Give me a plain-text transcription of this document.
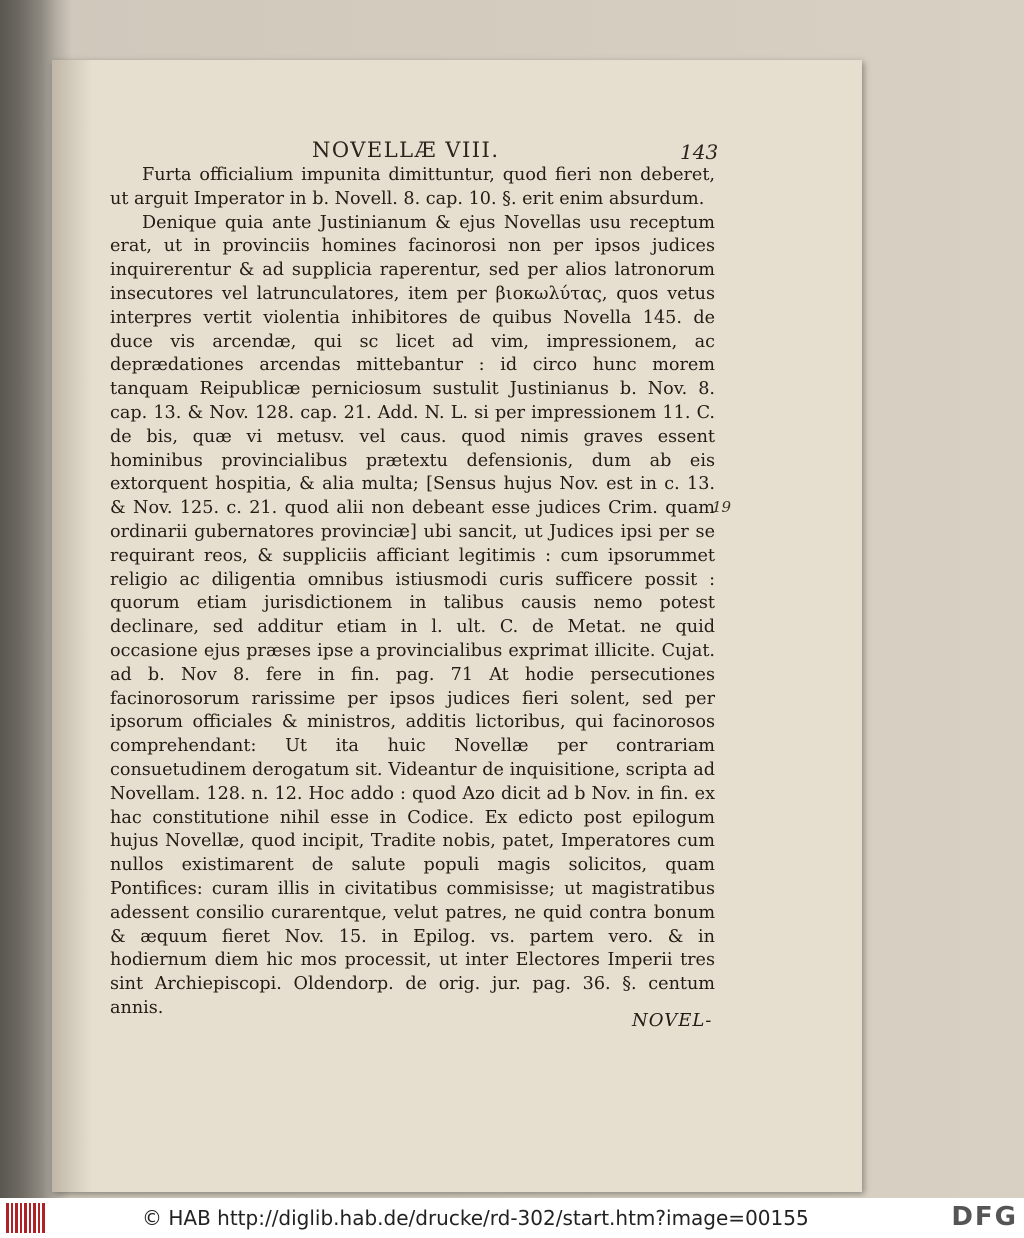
NOVELLÆ VIII.	143

Furta officialium impunita dimittuntur, quod fieri non deberet, ut arguit Imperator in b. Novell. 8. cap. 10. §. erit enim absurdum.

Denique quia ante Justinianum & ejus Novellas usu receptum erat, ut in provinciis homines facinorosi non per ipsos judices inquirerentur & ad supplicia raperentur, sed per alios latronorum insecutores vel latrunculatores, item per βιοκωλύτας, quos vetus interpres vertit violentia inhibitores de quibus Novella 145. de duce vis arcendæ, qui sc licet ad vim, impressionem, ac deprædationes arcendas mittebantur : id circo hunc morem tanquam Reipublicæ perniciosum sustulit Justinianus b. Nov. 8. cap. 13. & Nov. 128. cap. 21. Add. N. L. si per impressionem 11. C. de bis, quæ vi metusv. vel caus. quod nimis graves essent hominibus provincialibus prætextu defensionis, dum ab eis extorquent hospitia, & alia multa; [Sensus hujus Nov. est in c. 13. & Nov. 125. c. 21. quod alii non debeant esse judices Crim. quam ordinarii gubernatores provinciæ] ubi sancit, ut Judices ipsi per se requirant reos, & suppliciis afficiant legitimis : cum ipsorummet religio ac diligentia omnibus istiusmodi curis sufficere possit : quorum etiam jurisdictionem in talibus causis nemo potest declinare, sed additur etiam in l. ult. C. de Metat. ne quid occasione ejus præses ipse a provincialibus exprimat illicite. Cujat. ad b. Nov 8. fere in fin. pag. 71 At hodie persecutiones facinorosorum rarissime per ipsos judices fieri solent, sed per ipsorum officiales & ministros, additis lictoribus, qui facinorosos comprehendant: Ut ita huic Novellæ per contrariam consuetudinem derogatum sit. Videantur de inquisitione, scripta ad Novellam. 128. n. 12. Hoc addo : quod Azo dicit ad b Nov. in fin. ex hac constitutione nihil esse in Codice. Ex edicto post epilogum hujus Novellæ, quod incipit, Tradite nobis, patet, Imperatores cum nullos existimarent de salute populi magis solicitos, quam Pontifices: curam illis in civitatibus commisisse; ut magistratibus adessent consilio curarentque, velut patres, ne quid contra bonum & æquum fieret Nov. 15. in Epilog. vs. partem vero. & in hodiernum diem hic mos processit, ut inter Electores Imperii tres sint Archiepiscopi. Oldendorp. de orig. jur. pag. 36. §. centum annis.

19
NOVEL-
© HAB http://diglib.hab.de/drucke/rd-302/start.htm?image=00155	DFG
